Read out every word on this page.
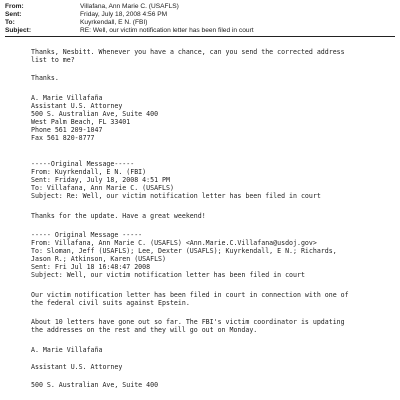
From:	Villafana, Ann Marie C. (USAFLS)
Sent:	Friday, July 18, 2008 4:56 PM
To:	Kuyrkendall, E N. (FBI)
Subject:	RE: Well, our victim notification letter has been filed in court
Thanks, Nesbitt. Whenever you have a chance, can you send the corrected address
list to me?
Thanks.
A. Marie Villafaña
Assistant U.S. Attorney
500 S. Australian Ave, Suite 400
West Palm Beach, FL 33401
Phone 561 209-1047
Fax 561 820-8777
-----Original Message-----
From: Kuyrkendall, E N. (FBI)
Sent: Friday, July 18, 2008 4:51 PM
To: Villafana, Ann Marie C. (USAFLS)
Subject: Re: Well, our victim notification letter has been filed in court
Thanks for the update. Have a great weekend!
----- Original Message -----
From: Villafana, Ann Marie C. (USAFLS) <Ann.Marie.C.Villafana@usdoj.gov>
To: Sloman, Jeff (USAFLS); Lee, Dexter (USAFLS); Kuyrkendall, E N.; Richards,
Jason R.; Atkinson, Karen (USAFLS)
Sent: Fri Jul 18 16:48:47 2008
Subject: Well, our victim notification letter has been filed in court
Our victim notification letter has been filed in court in connection with one of
the federal civil suits against Epstein.
About 10 letters have gone out so far. The FBI's victim coordinator is updating
the addresses on the rest and they will go out on Monday.
A. Marie Villafaña
Assistant U.S. Attorney
500 S. Australian Ave, Suite 400
